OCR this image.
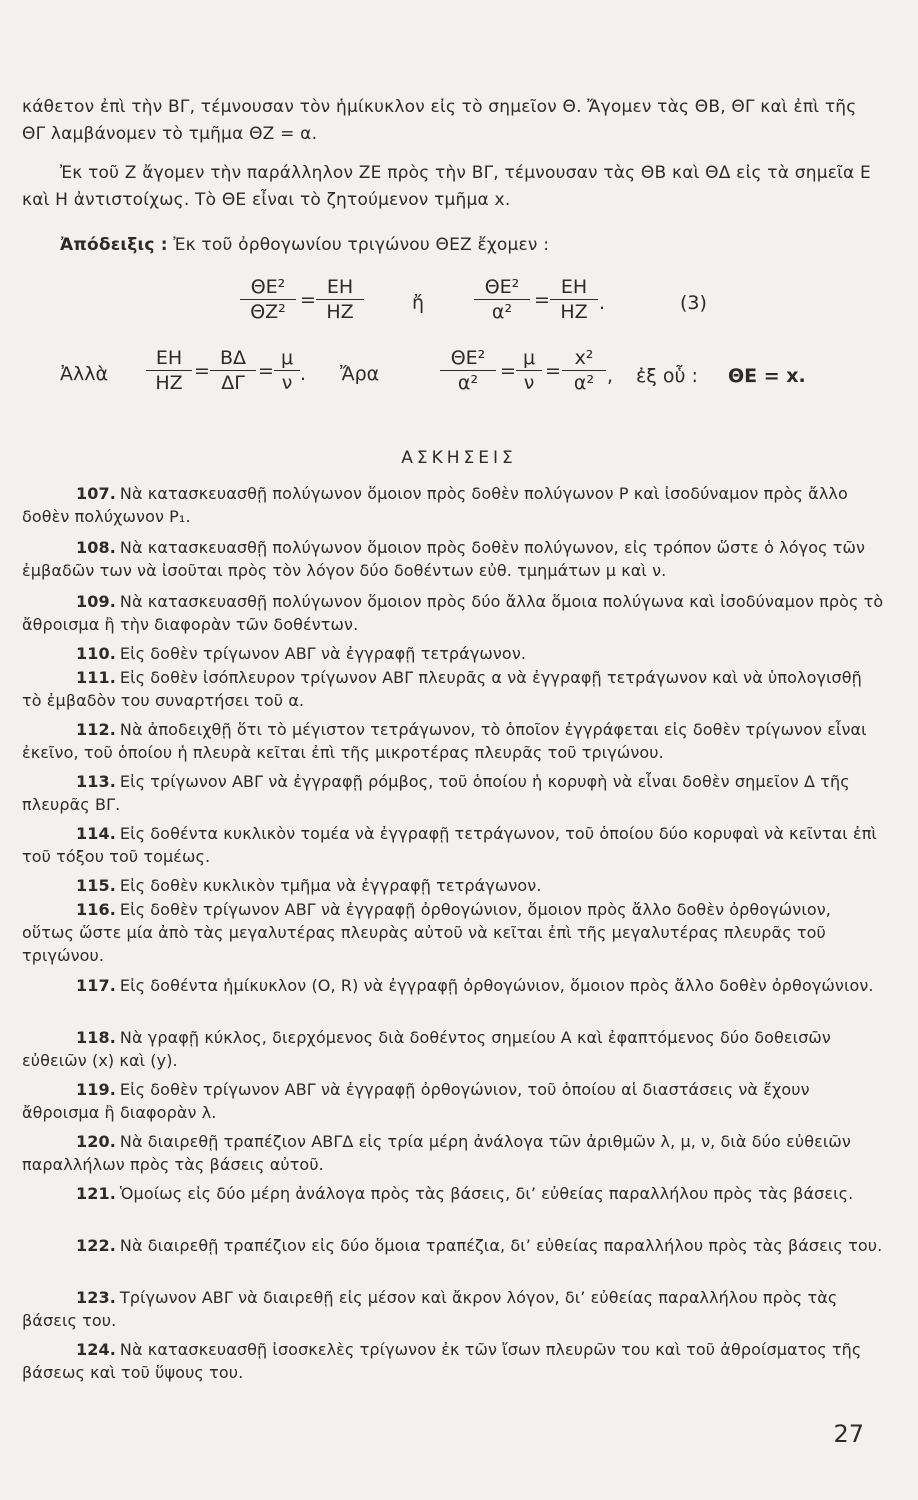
κάθετον ἐπὶ τὴν ΒΓ, τέμνουσαν τὸν ἡμίκυκλον εἰς τὸ σημεῖον Θ. Ἄγομεν τὰς ΘΒ, ΘΓ καὶ ἐπὶ τῆς ΘΓ λαμβάνομεν τὸ τμῆμα ΘΖ = α.
Ἐκ τοῦ Ζ ἄγομεν τὴν παράλληλον ΖΕ πρὸς τὴν ΒΓ, τέμνουσαν τὰς ΘΒ καὶ ΘΔ εἰς τὰ σημεῖα Ε καὶ Η ἀντιστοίχως. Τὸ ΘΕ εἶναι τὸ ζητούμενον τμῆμα x.
Ἀπόδειξις : Ἐκ τοῦ ὀρθογωνίου τριγώνου ΘΕΖ ἔχομεν :
ΘΕ²
ΘΖ²
=
ΕΗ
ΗΖ	ἤ
ΘΕ²
α²
=
ΕΗ
ΗΖ .	(3)
Ἀλλὰ
ΕΗ
ΗΖ
=
ΒΔ
ΔΓ
=
μ
ν . Ἄρα
ΘΕ²
α²
=
μ
ν
=
x²
α² , ἐξ οὗ : ΘΕ = x.
ΑΣΚΗΣΕΙΣ
107. Νὰ κατασκευασθῇ πολύγωνον ὅμοιον πρὸς δοθὲν πολύγωνον Ρ καὶ ἰσοδύναμον πρὸς ἄλλο δοθὲν πολύχωνον Ρ₁.
108. Νὰ κατασκευασθῇ πολύγωνον ὅμοιον πρὸς δοθὲν πολύγωνον, εἰς τρόπον ὥστε ὁ λόγος τῶν ἐμβαδῶν των νὰ ἰσοῦται πρὸς τὸν λόγον δύο δοθέντων εὐθ. τμημάτων μ καὶ ν.
109. Νὰ κατασκευασθῇ πολύγωνον ὅμοιον πρὸς δύο ἄλλα ὅμοια πολύγωνα καὶ ἰσοδύναμον πρὸς τὸ ἄθροισμα ἢ τὴν διαφορὰν τῶν δοθέντων.
110. Εἰς δοθὲν τρίγωνον ΑΒΓ νὰ ἐγγραφῇ τετράγωνον.
111. Εἰς δοθὲν ἰσόπλευρον τρίγωνον ΑΒΓ πλευρᾶς α νὰ ἐγγραφῇ τετράγωνον καὶ νὰ ὑπολογισθῇ τὸ ἐμβαδὸν του συναρτήσει τοῦ α.
112. Νὰ ἀποδειχθῇ ὅτι τὸ μέγιστον τετράγωνον, τὸ ὁποῖον ἐγγράφεται εἰς δοθὲν τρίγωνον εἶναι ἐκεῖνο, τοῦ ὁποίου ἡ πλευρὰ κεῖται ἐπὶ τῆς μικροτέρας πλευρᾶς τοῦ τριγώνου.
113. Εἰς τρίγωνον ΑΒΓ νὰ ἐγγραφῇ ρόμβος, τοῦ ὁποίου ἡ κορυφὴ νὰ εἶναι δοθὲν σημεῖον Δ τῆς πλευρᾶς ΒΓ.
114. Εἰς δοθέντα κυκλικὸν τομέα νὰ ἐγγραφῇ τετράγωνον, τοῦ ὁποίου δύο κορυφαὶ νὰ κεῖνται ἐπὶ τοῦ τόξου τοῦ τομέως.
115. Εἰς δοθὲν κυκλικὸν τμῆμα νὰ ἐγγραφῇ τετράγωνον.
116. Εἰς δοθὲν τρίγωνον ΑΒΓ νὰ ἐγγραφῇ ὀρθογώνιον, ὅμοιον πρὸς ἄλλο δοθὲν ὀρθογώνιον, οὕτως ὥστε μία ἀπὸ τὰς μεγαλυτέρας πλευρὰς αὐτοῦ νὰ κεῖται ἐπὶ τῆς μεγαλυτέρας πλευρᾶς τοῦ τριγώνου.
117. Εἰς δοθέντα ἡμίκυκλον (Ο, R) νὰ ἐγγραφῇ ὀρθογώνιον, ὅμοιον πρὸς ἄλλο δοθὲν ὀρθογώνιον.
118. Νὰ γραφῇ κύκλος, διερχόμενος διὰ δοθέντος σημείου Α καὶ ἐφαπτόμενος δύο δοθεισῶν εὐθειῶν (x) καὶ (y).
119. Εἰς δοθὲν τρίγωνον ΑΒΓ νὰ ἐγγραφῇ ὀρθογώνιον, τοῦ ὁποίου αἱ διαστάσεις νὰ ἔχουν ἄθροισμα ἢ διαφορὰν λ.
120. Νὰ διαιρεθῇ τραπέζιον ΑΒΓΔ εἰς τρία μέρη ἀνάλογα τῶν ἀριθμῶν λ, μ, ν, διὰ δύο εὐθειῶν παραλλήλων πρὸς τὰς βάσεις αὐτοῦ.
121. Ὁμοίως εἰς δύο μέρη ἀνάλογα πρὸς τὰς βάσεις, δι’ εὐθείας παραλλήλου πρὸς τὰς βάσεις.
122. Νὰ διαιρεθῇ τραπέζιον εἰς δύο ὅμοια τραπέζια, δι’ εὐθείας παραλλήλου πρὸς τὰς βάσεις του.
123. Τρίγωνον ΑΒΓ νὰ διαιρεθῇ εἰς μέσον καὶ ἄκρον λόγον, δι’ εὐθείας παραλλήλου πρὸς τὰς βάσεις του.
124. Νὰ κατασκευασθῇ ἰσοσκελὲς τρίγωνον ἐκ τῶν ἴσων πλευρῶν του καὶ τοῦ ἀθροίσματος τῆς βάσεως καὶ τοῦ ὕψους του.
27
